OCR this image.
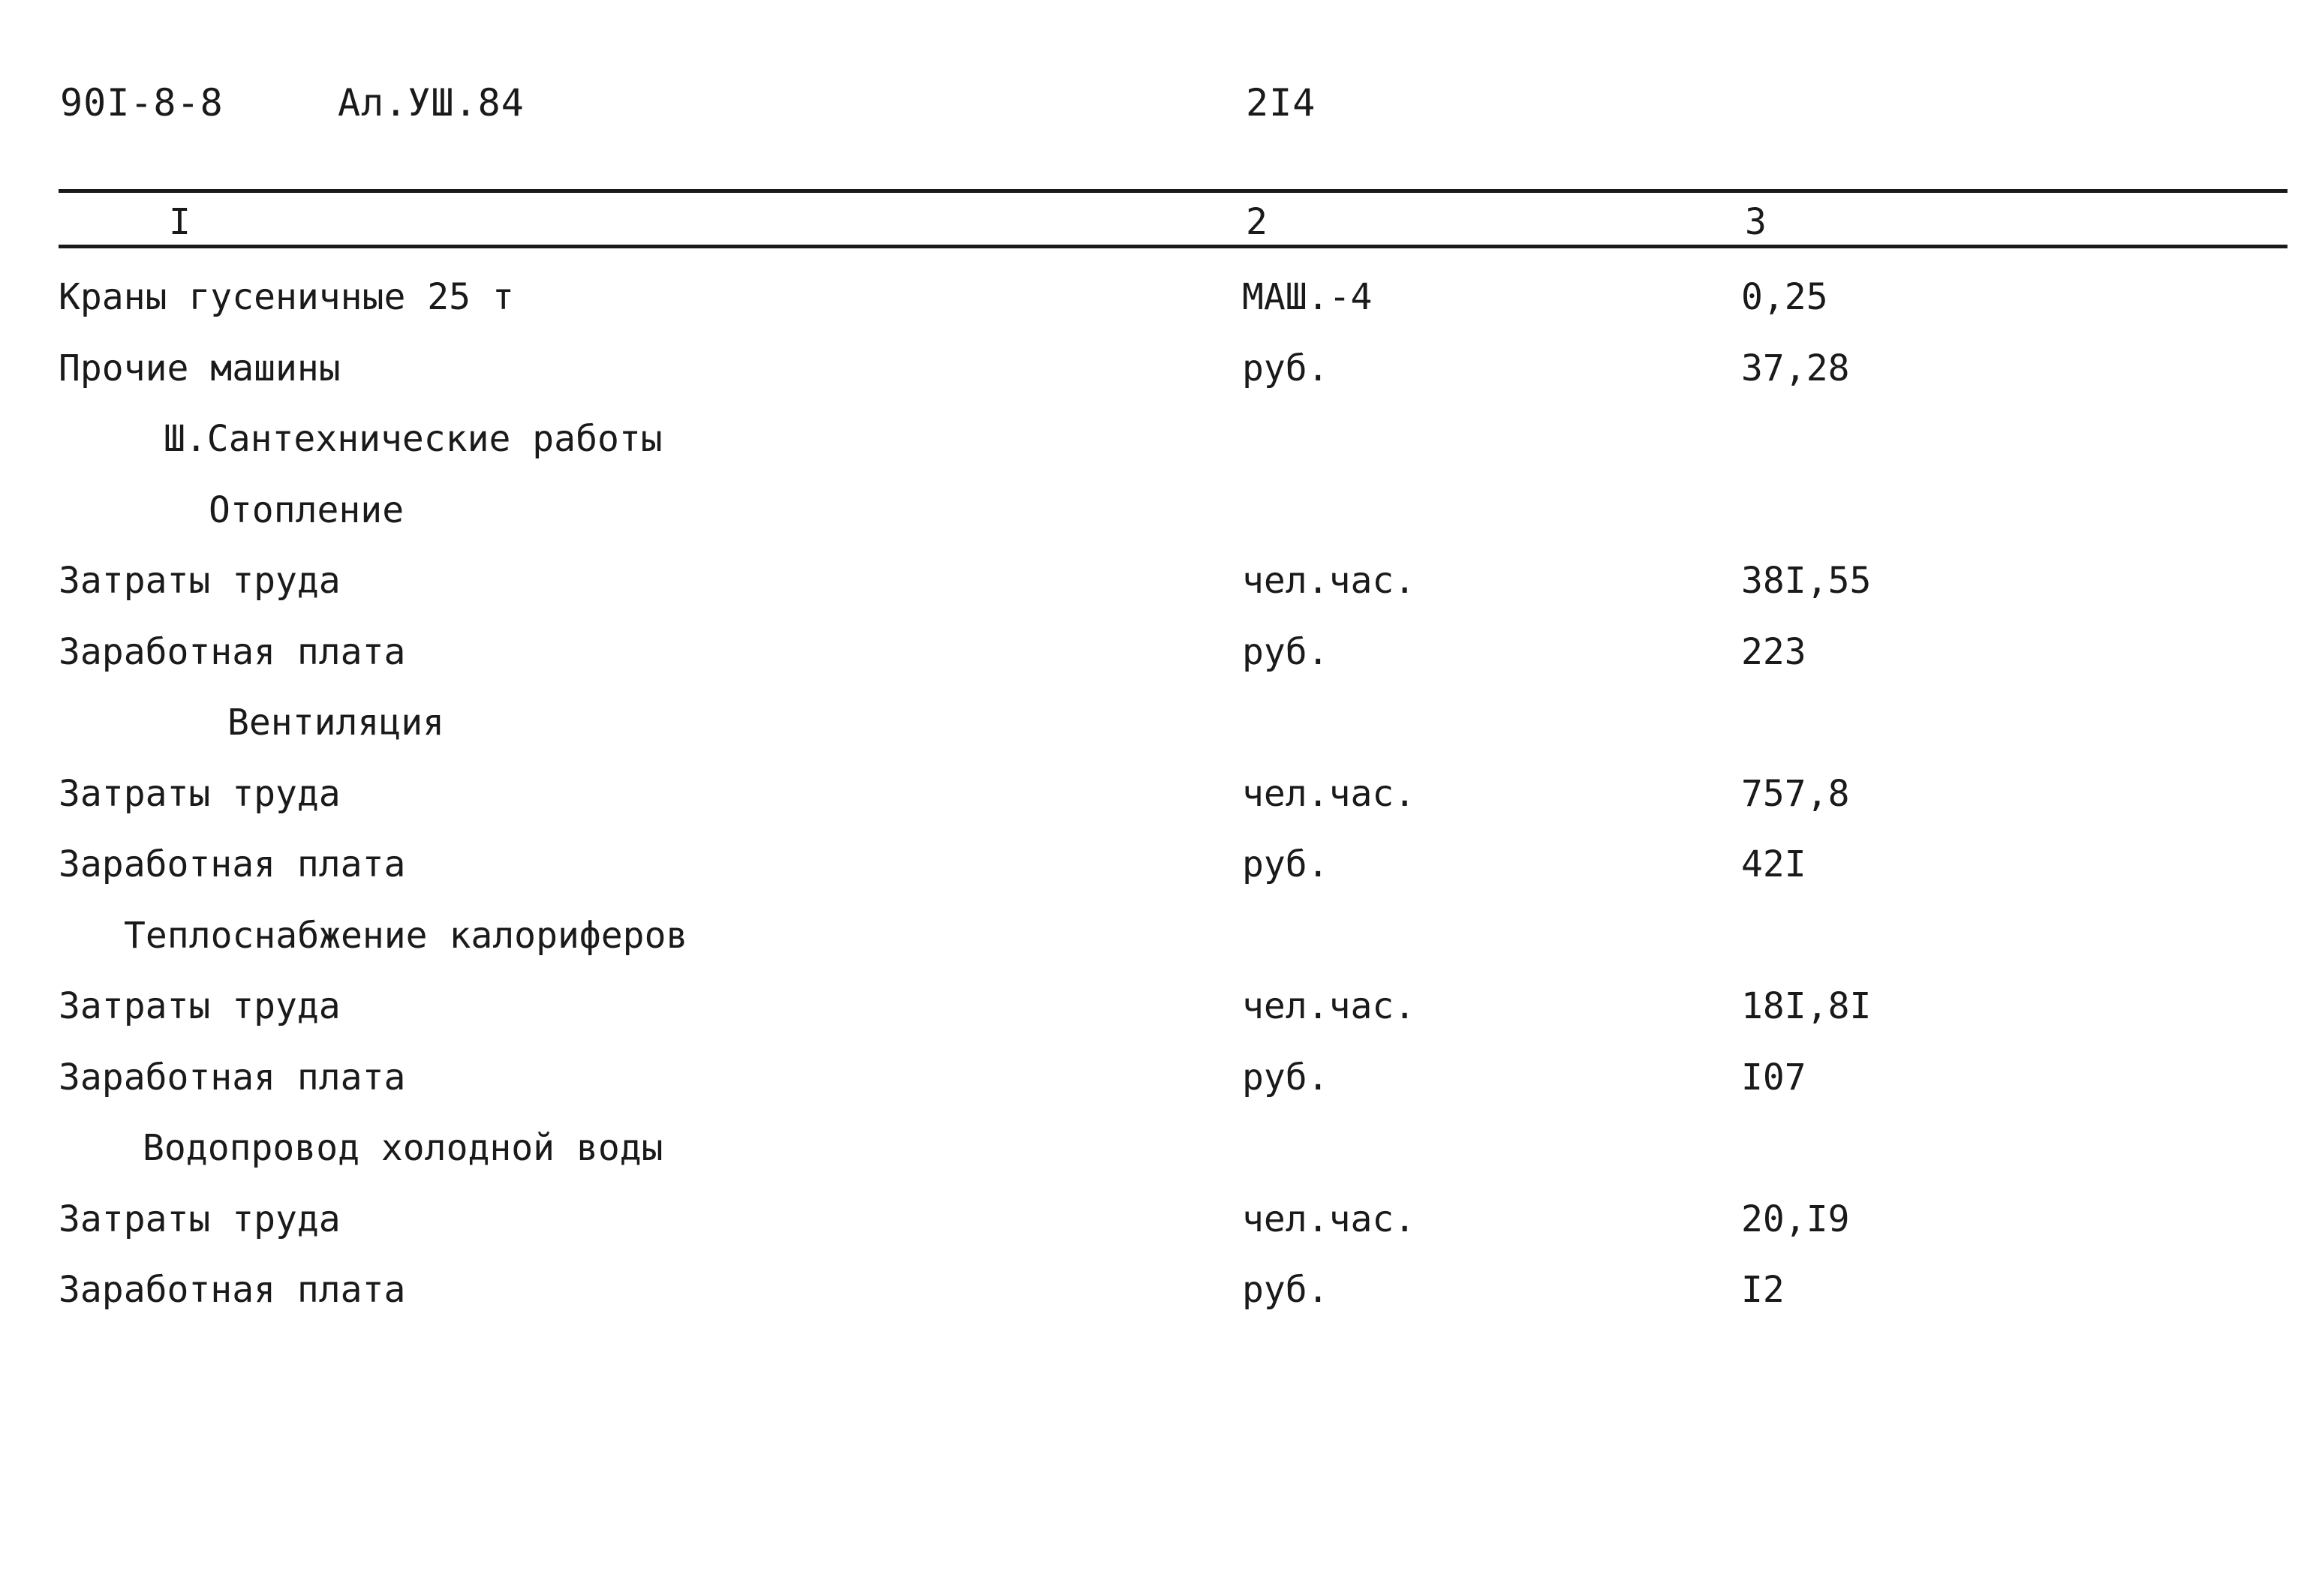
90I-8-8	Ал.УШ.84	2I4
I	2	3
Краны гусеничные 25 т	МАШ.-4	0,25
Прочие машины	руб.	37,28
Ш.Сантехнические работы
Отопление
Затраты труда	чел.час.	38I,55
Заработная плата	руб.	223
Вентиляция
Затраты труда	чел.час.	757,8
Заработная плата	руб.	42I
Теплоснабжение калориферов
Затраты труда	чел.час.	18I,8I
Заработная плата	руб.	I07
Водопровод холодной воды
Затраты труда	чел.час.	20,I9
Заработная плата	руб.	I2
